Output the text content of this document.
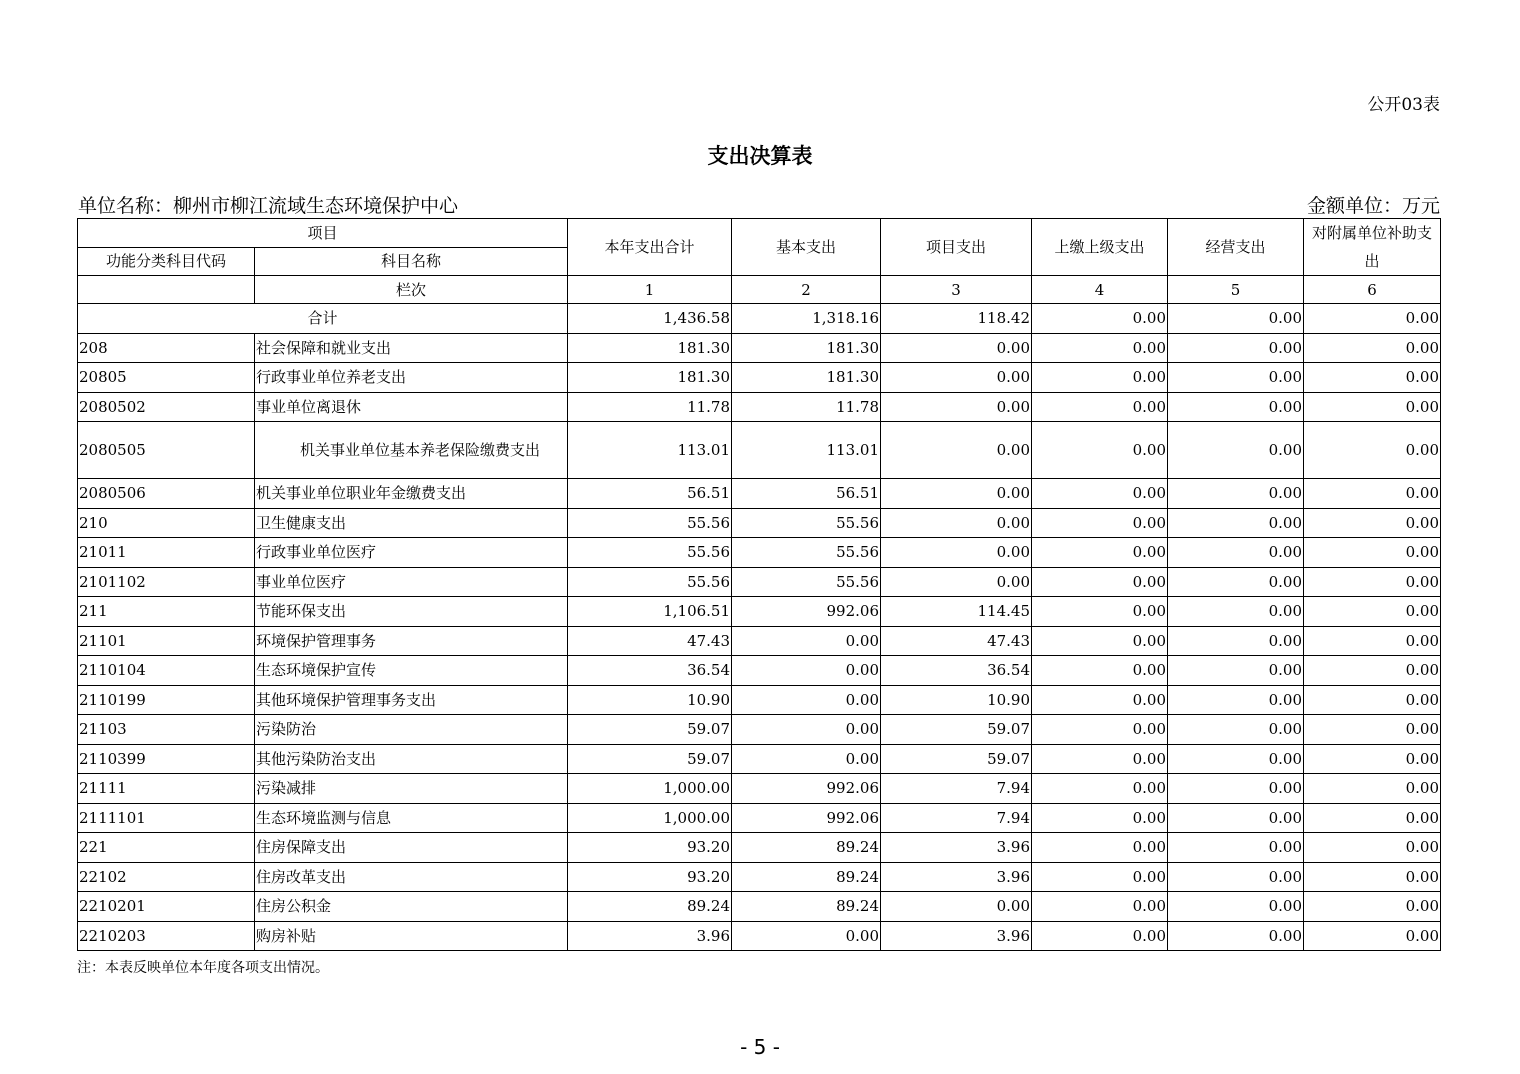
公开03表
支出决算表
单位名称：柳州市柳江流域生态环境保护中心	金额单位：万元
项目		本年支出合计	基本支出	项目支出	上缴上级支出	经营支出	对附属单位补助支出
功能分类科目代码	科目名称						
	栏次	1	2	3	4	5	6
合计		1,436.58	1,318.16	118.42	0.00	0.00	0.00
208	社会保障和就业支出	181.30	181.30	0.00	0.00	0.00	0.00
20805	行政事业单位养老支出	181.30	181.30	0.00	0.00	0.00	0.00
2080502	事业单位离退休	11.78	11.78	0.00	0.00	0.00	0.00
2080505	机关事业单位基本养老保险缴费支出	113.01	113.01	0.00	0.00	0.00	0.00
2080506	机关事业单位职业年金缴费支出	56.51	56.51	0.00	0.00	0.00	0.00
210	卫生健康支出	55.56	55.56	0.00	0.00	0.00	0.00
21011	行政事业单位医疗	55.56	55.56	0.00	0.00	0.00	0.00
2101102	事业单位医疗	55.56	55.56	0.00	0.00	0.00	0.00
211	节能环保支出	1,106.51	992.06	114.45	0.00	0.00	0.00
21101	环境保护管理事务	47.43	0.00	47.43	0.00	0.00	0.00
2110104	生态环境保护宣传	36.54	0.00	36.54	0.00	0.00	0.00
2110199	其他环境保护管理事务支出	10.90	0.00	10.90	0.00	0.00	0.00
21103	污染防治	59.07	0.00	59.07	0.00	0.00	0.00
2110399	其他污染防治支出	59.07	0.00	59.07	0.00	0.00	0.00
21111	污染减排	1,000.00	992.06	7.94	0.00	0.00	0.00
2111101	生态环境监测与信息	1,000.00	992.06	7.94	0.00	0.00	0.00
221	住房保障支出	93.20	89.24	3.96	0.00	0.00	0.00
22102	住房改革支出	93.20	89.24	3.96	0.00	0.00	0.00
2210201	住房公积金	89.24	89.24	0.00	0.00	0.00	0.00
2210203	购房补贴	3.96	0.00	3.96	0.00	0.00	0.00
注：本表反映单位本年度各项支出情况。
- 5 -
